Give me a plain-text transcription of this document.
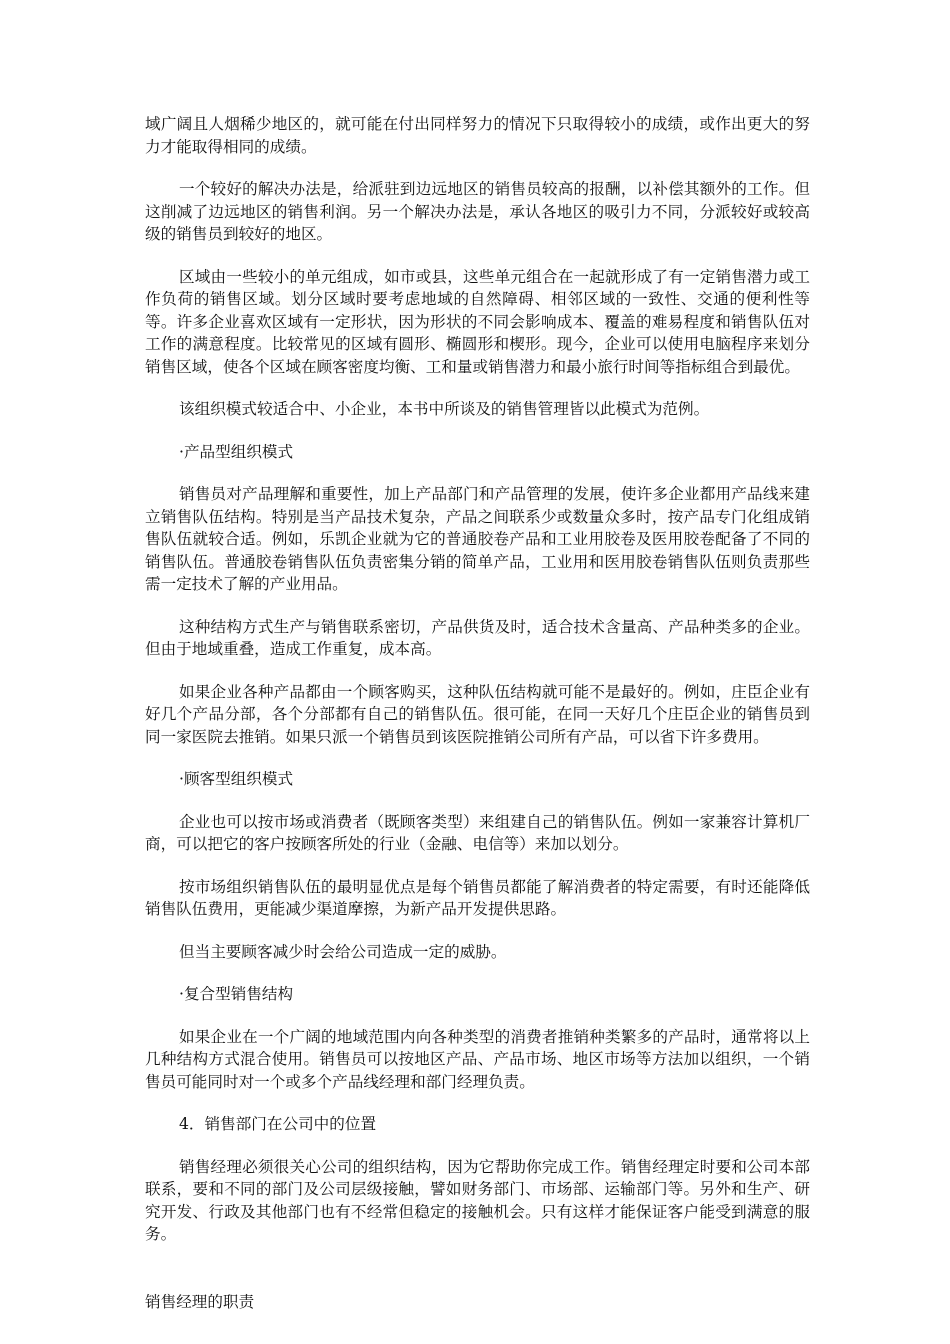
域广阔且人烟稀少地区的，就可能在付出同样努力的情况下只取得较小的成绩，或作出更大的努力才能取得相同的成绩。

一个较好的解决办法是，给派驻到边远地区的销售员较高的报酬，以补偿其额外的工作。但这削减了边远地区的销售利润。另一个解决办法是，承认各地区的吸引力不同，分派较好或较高级的销售员到较好的地区。

区域由一些较小的单元组成，如市或县，这些单元组合在一起就形成了有一定销售潜力或工作负荷的销售区域。划分区域时要考虑地域的自然障碍、相邻区域的一致性、交通的便利性等等。许多企业喜欢区域有一定形状，因为形状的不同会影响成本、覆盖的难易程度和销售队伍对工作的满意程度。比较常见的区域有圆形、椭圆形和楔形。现今，企业可以使用电脑程序来划分销售区域，使各个区域在顾客密度均衡、工和量或销售潜力和最小旅行时间等指标组合到最优。

该组织模式较适合中、小企业，本书中所谈及的销售管理皆以此模式为范例。

·产品型组织模式

销售员对产品理解和重要性，加上产品部门和产品管理的发展，使许多企业都用产品线来建立销售队伍结构。特别是当产品技术复杂，产品之间联系少或数量众多时，按产品专门化组成销售队伍就较合适。例如，乐凯企业就为它的普通胶卷产品和工业用胶卷及医用胶卷配备了不同的销售队伍。普通胶卷销售队伍负责密集分销的简单产品，工业用和医用胶卷销售队伍则负责那些需一定技术了解的产业用品。

这种结构方式生产与销售联系密切，产品供货及时，适合技术含量高、产品种类多的企业。但由于地域重叠，造成工作重复，成本高。

如果企业各种产品都由一个顾客购买，这种队伍结构就可能不是最好的。例如，庄臣企业有好几个产品分部，各个分部都有自己的销售队伍。很可能，在同一天好几个庄臣企业的销售员到同一家医院去推销。如果只派一个销售员到该医院推销公司所有产品，可以省下许多费用。

·顾客型组织模式

企业也可以按市场或消费者（既顾客类型）来组建自己的销售队伍。例如一家兼容计算机厂商，可以把它的客户按顾客所处的行业（金融、电信等）来加以划分。

按市场组织销售队伍的最明显优点是每个销售员都能了解消费者的特定需要，有时还能降低销售队伍费用，更能减少渠道摩擦，为新产品开发提供思路。

但当主要顾客减少时会给公司造成一定的威胁。

·复合型销售结构

如果企业在一个广阔的地域范围内向各种类型的消费者推销种类繁多的产品时，通常将以上几种结构方式混合使用。销售员可以按地区产品、产品市场、地区市场等方法加以组织，一个销售员可能同时对一个或多个产品线经理和部门经理负责。

4．销售部门在公司中的位置

销售经理必须很关心公司的组织结构，因为它帮助你完成工作。销售经理定时要和公司本部联系，要和不同的部门及公司层级接触，譬如财务部门、市场部、运输部门等。另外和生产、研究开发、行政及其他部门也有不经常但稳定的接触机会。只有这样才能保证客户能受到满意的服务。

销售经理的职责
